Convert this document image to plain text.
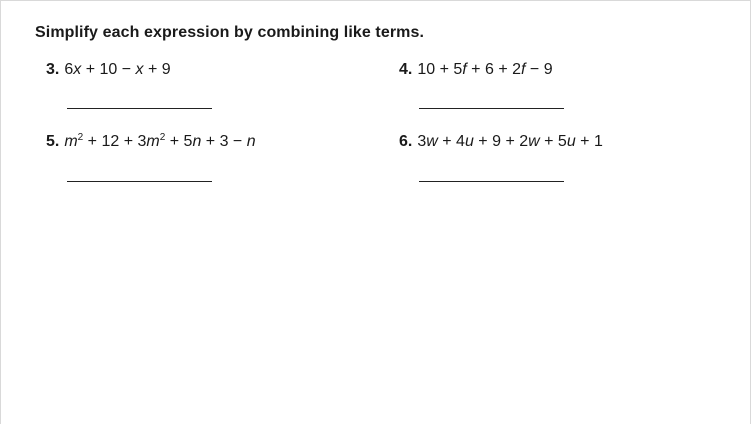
Simplify each expression by combining like terms.
3. 6x + 10 − x + 9	4. 10 + 5f + 6 + 2f − 9
5. $m^2 + 12 + 3m^2 + 5n + 3 - n$	6. 3w + 4u + 9 + 2w + 5u + 1
